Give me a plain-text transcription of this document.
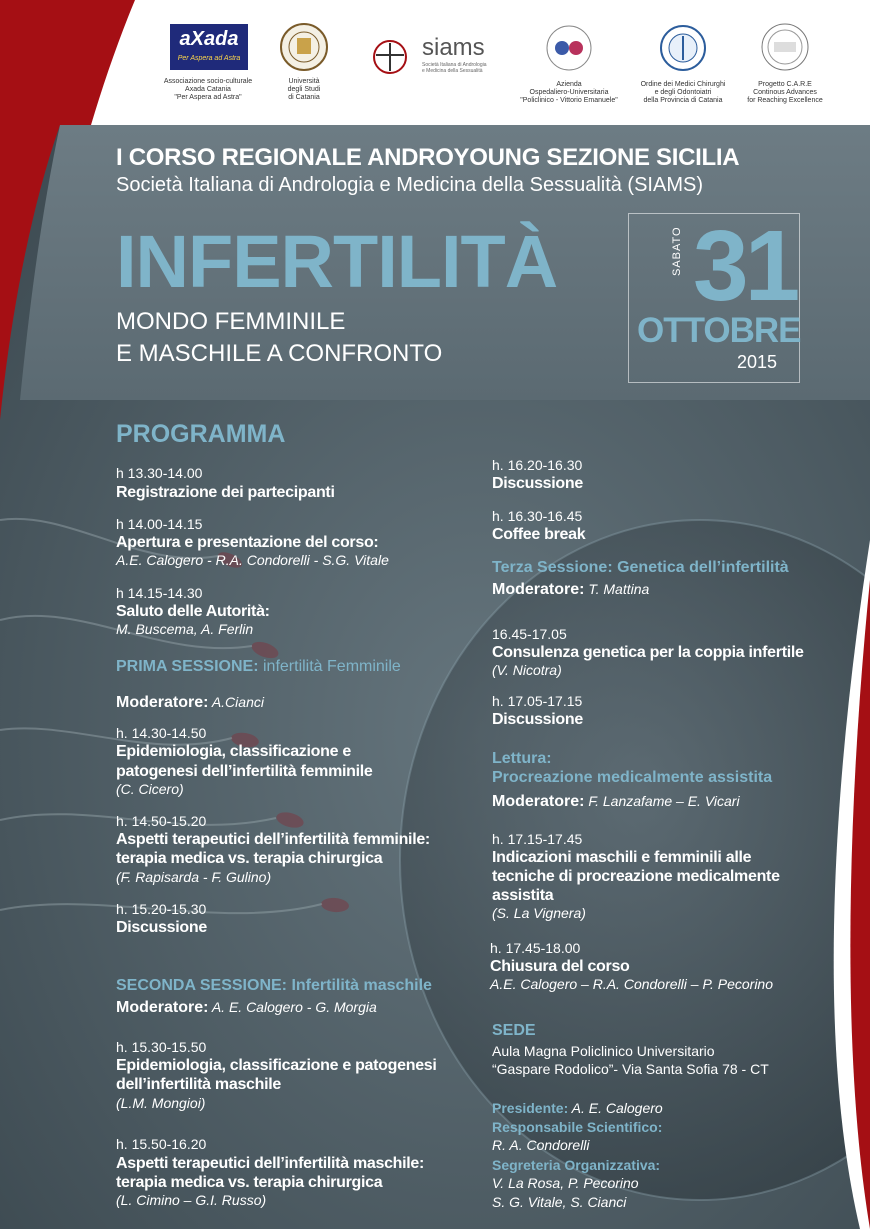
aXada
Per Aspera ad Astra
Associazione socio-culturale
Axada Catania
"Per Aspera ad Astra"
Università
degli Studi
di Catania
siams
Società Italiana di Andrologia
e Medicina della Sessualità
Azienda
Ospedaliero-Universitaria
"Policlinico - Vittorio Emanuele"
Ordine dei Medici Chirurghi
e degli Odontoiatri
della Provincia di Catania
Progetto C.A.R.E
Continous Advances
for Reaching Excellence
I CORSO REGIONALE ANDROYOUNG SEZIONE SICILIA
Società Italiana di Andrologia e Medicina della Sessualità (SIAMS)
INFERTILITÀ
MONDO FEMMINILE
E MASCHILE A CONFRONTO
SABATO 31
OTTOBRE
2015
PROGRAMMA
h 13.30-14.00
Registrazione dei partecipanti
h 14.00-14.15
Apertura e presentazione del corso:
A.E. Calogero - R.A. Condorelli - S.G. Vitale
h 14.15-14.30
Saluto delle Autorità:
M. Buscema, A. Ferlin
PRIMA SESSIONE: infertilità Femminile
Moderatore: A.Cianci
h. 14.30-14.50
Epidemiologia, classificazione e
patogenesi dell’infertilità femminile
(C. Cicero)
h. 14.50-15.20
Aspetti terapeutici dell’infertilità femminile:
terapia medica vs. terapia chirurgica
(F. Rapisarda - F. Gulino)
h. 15.20-15.30
Discussione
SECONDA SESSIONE: Infertilità maschile
Moderatore: A. E. Calogero - G. Morgia
h. 15.30-15.50
Epidemiologia, classificazione e patogenesi
dell’infertilità maschile
(L.M. Mongioi)
h. 15.50-16.20
Aspetti terapeutici dell’infertilità maschile:
terapia medica vs. terapia chirurgica
(L. Cimino – G.I. Russo)
h. 16.20-16.30
Discussione
h. 16.30-16.45
Coffee break
Terza Sessione: Genetica dell’infertilità
Moderatore: T. Mattina
16.45-17.05
Consulenza genetica per la coppia infertile
(V. Nicotra)
h. 17.05-17.15
Discussione
Lettura:
Procreazione medicalmente assistita
Moderatore: F. Lanzafame – E. Vicari
h. 17.15-17.45
Indicazioni maschili e femminili alle
tecniche di procreazione medicalmente
assistita
(S. La Vignera)
h. 17.45-18.00
Chiusura del corso
A.E. Calogero – R.A. Condorelli – P. Pecorino
SEDE
Aula Magna Policlinico Universitario
“Gaspare Rodolico”- Via Santa Sofia 78 - CT
Presidente: A. E. Calogero
Responsabile Scientifico:
R. A. Condorelli
Segreteria Organizzativa:
V. La Rosa, P. Pecorino
S. G. Vitale, S. Cianci
